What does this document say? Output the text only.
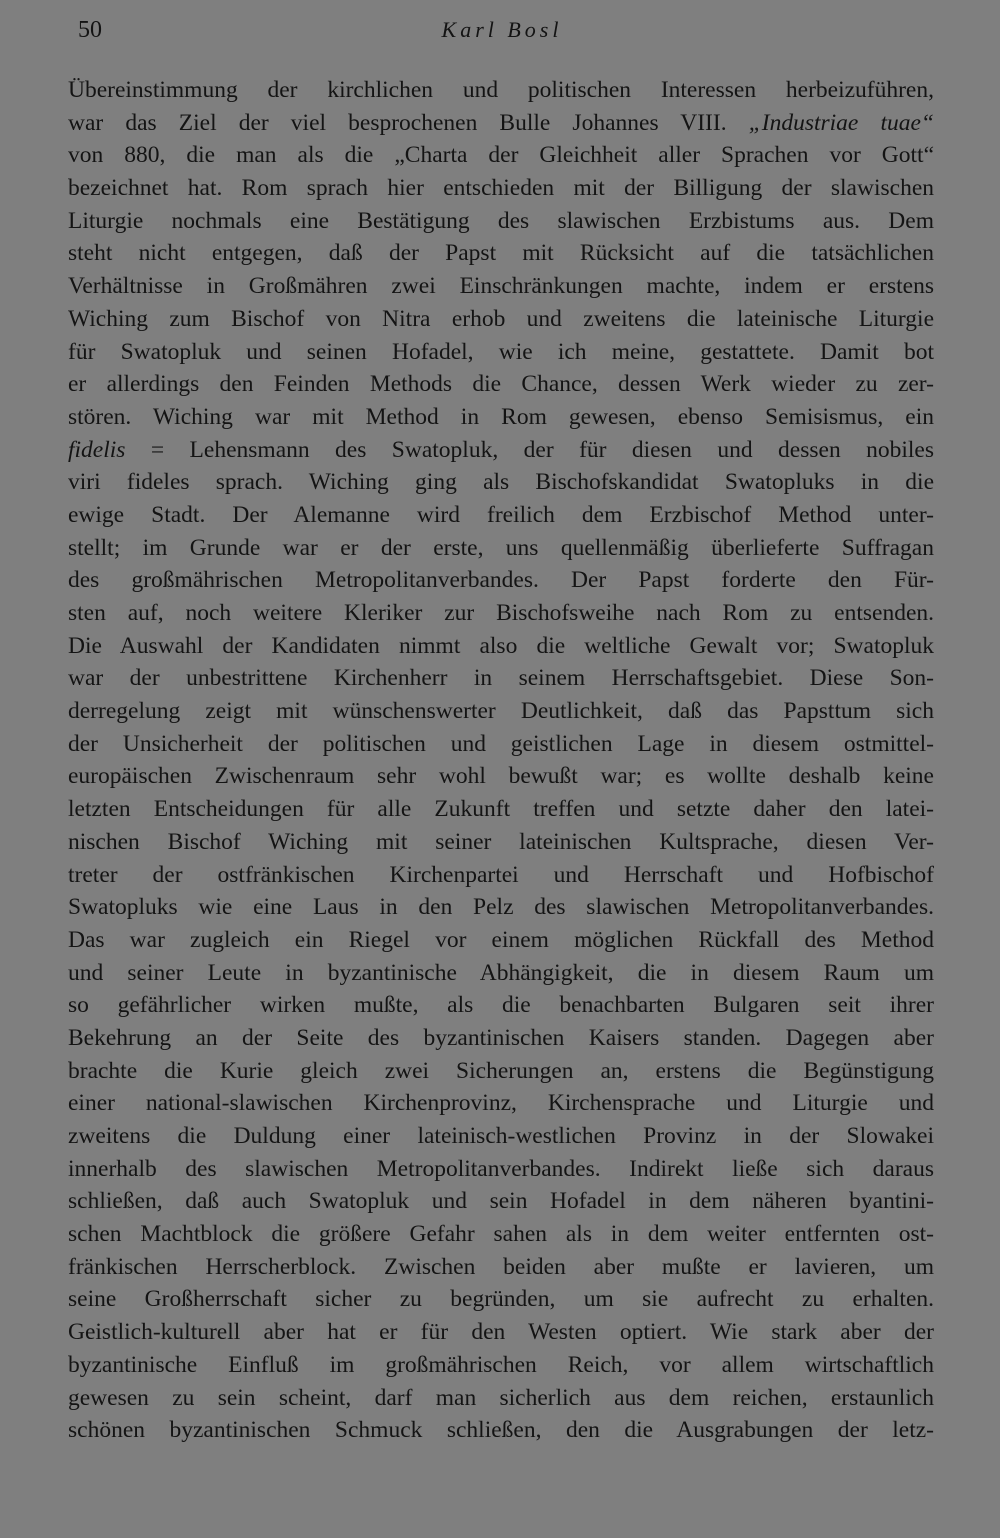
50	Karl Bosl
Übereinstimmung der kirchlichen und politischen Interessen herbeizuführen,
war das Ziel der viel besprochenen Bulle Johannes VIII. „Industriae tuae“
von 880, die man als die „Charta der Gleichheit aller Sprachen vor Gott“
bezeichnet hat. Rom sprach hier entschieden mit der Billigung der slawischen
Liturgie nochmals eine Bestätigung des slawischen Erzbistums aus. Dem
steht nicht entgegen, daß der Papst mit Rücksicht auf die tatsächlichen
Verhältnisse in Großmähren zwei Einschränkungen machte, indem er erstens
Wiching zum Bischof von Nitra erhob und zweitens die lateinische Liturgie
für Swatopluk und seinen Hofadel, wie ich meine, gestattete. Damit bot
er allerdings den Feinden Methods die Chance, dessen Werk wieder zu zer-
stören. Wiching war mit Method in Rom gewesen, ebenso Semisismus, ein
fidelis = Lehensmann des Swatopluk, der für diesen und dessen nobiles
viri fideles sprach. Wiching ging als Bischofskandidat Swatopluks in die
ewige Stadt. Der Alemanne wird freilich dem Erzbischof Method unter-
stellt; im Grunde war er der erste, uns quellenmäßig überlieferte Suffragan
des großmährischen Metropolitanverbandes. Der Papst forderte den Für-
sten auf, noch weitere Kleriker zur Bischofsweihe nach Rom zu entsenden.
Die Auswahl der Kandidaten nimmt also die weltliche Gewalt vor; Swatopluk
war der unbestrittene Kirchenherr in seinem Herrschaftsgebiet. Diese Son-
derregelung zeigt mit wünschenswerter Deutlichkeit, daß das Papsttum sich
der Unsicherheit der politischen und geistlichen Lage in diesem ostmittel-
europäischen Zwischenraum sehr wohl bewußt war; es wollte deshalb keine
letzten Entscheidungen für alle Zukunft treffen und setzte daher den latei-
nischen Bischof Wiching mit seiner lateinischen Kultsprache, diesen Ver-
treter der ostfränkischen Kirchenpartei und Herrschaft und Hofbischof
Swatopluks wie eine Laus in den Pelz des slawischen Metropolitanverbandes.
Das war zugleich ein Riegel vor einem möglichen Rückfall des Method
und seiner Leute in byzantinische Abhängigkeit, die in diesem Raum um
so gefährlicher wirken mußte, als die benachbarten Bulgaren seit ihrer
Bekehrung an der Seite des byzantinischen Kaisers standen. Dagegen aber
brachte die Kurie gleich zwei Sicherungen an, erstens die Begünstigung
einer national-slawischen Kirchenprovinz, Kirchensprache und Liturgie und
zweitens die Duldung einer lateinisch-westlichen Provinz in der Slowakei
innerhalb des slawischen Metropolitanverbandes. Indirekt ließe sich daraus
schließen, daß auch Swatopluk und sein Hofadel in dem näheren byantini-
schen Machtblock die größere Gefahr sahen als in dem weiter entfernten ost-
fränkischen Herrscherblock. Zwischen beiden aber mußte er lavieren, um
seine Großherrschaft sicher zu begründen, um sie aufrecht zu erhalten.
Geistlich-kulturell aber hat er für den Westen optiert. Wie stark aber der
byzantinische Einfluß im großmährischen Reich, vor allem wirtschaftlich
gewesen zu sein scheint, darf man sicherlich aus dem reichen, erstaunlich
schönen byzantinischen Schmuck schließen, den die Ausgrabungen der letz-
